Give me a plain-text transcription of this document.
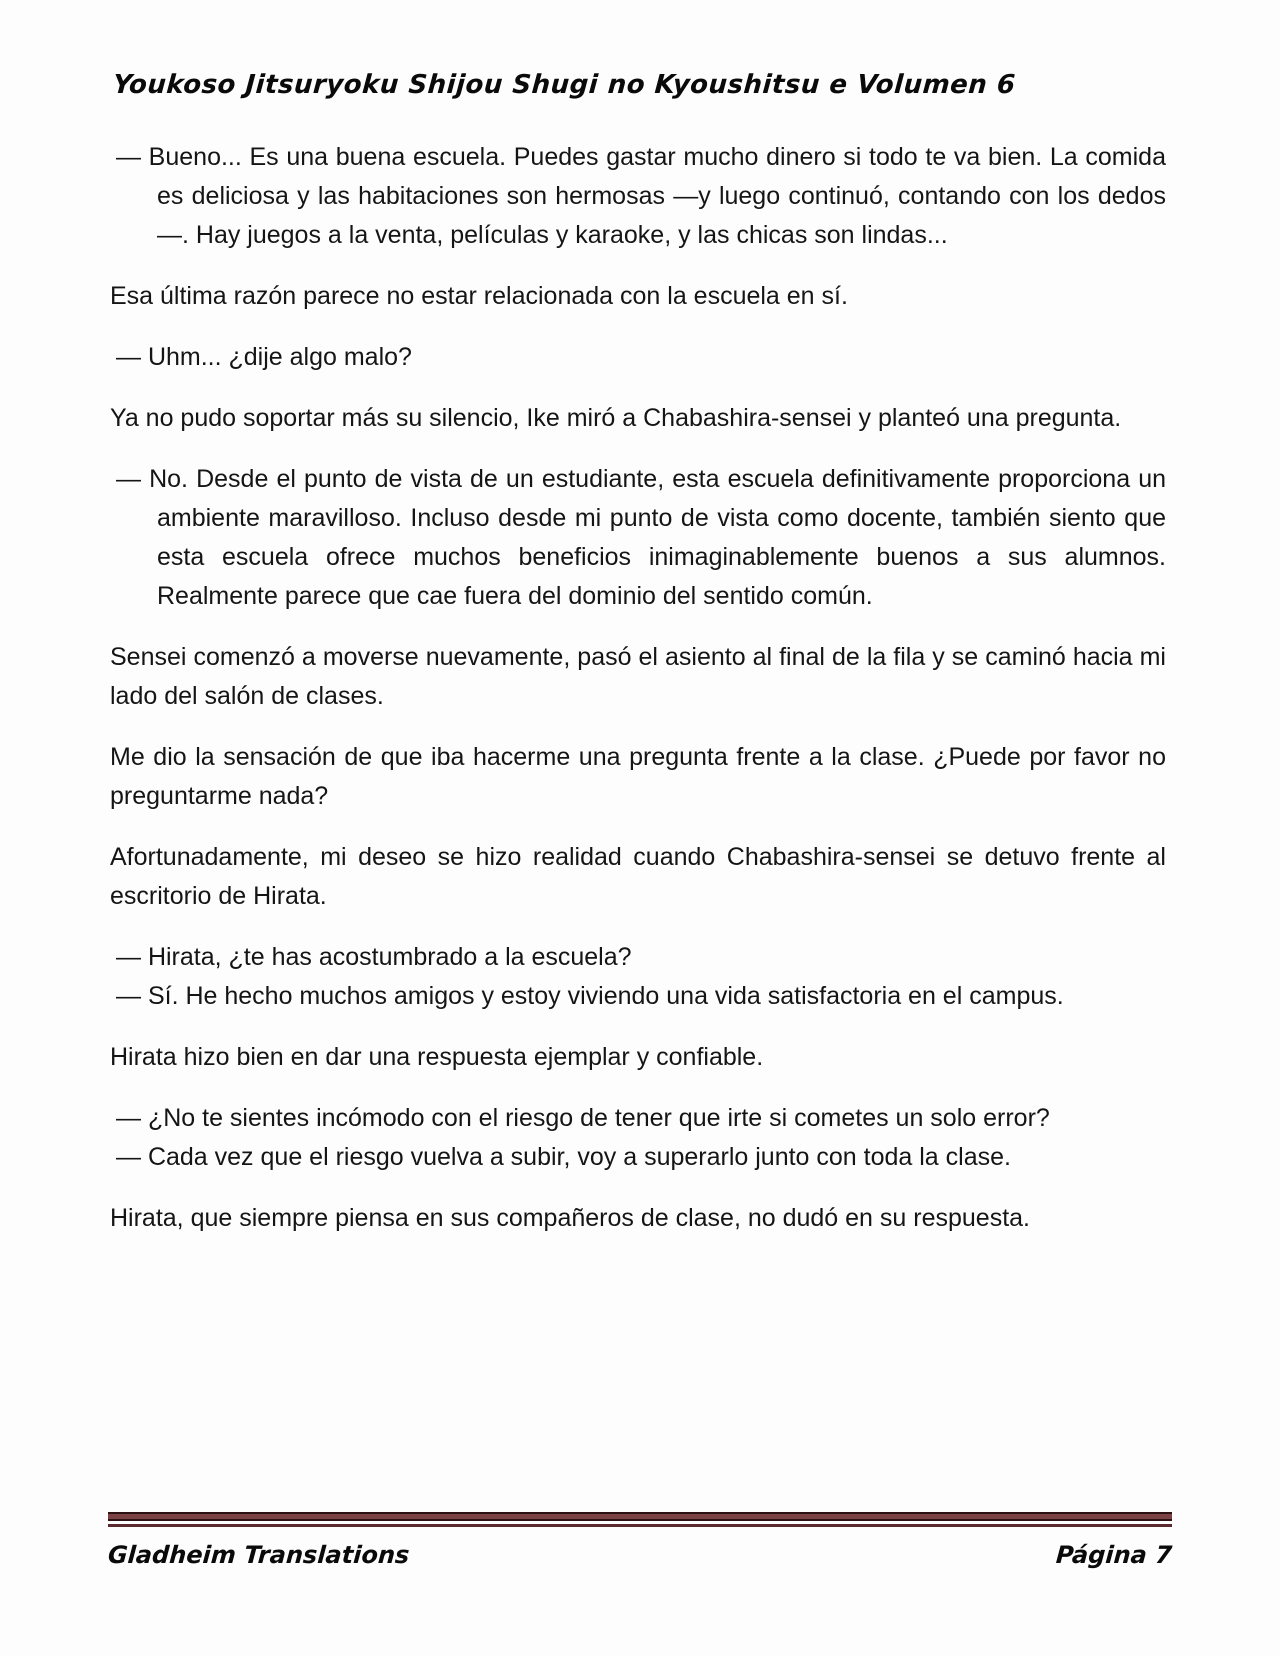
Youkoso Jitsuryoku Shijou Shugi no Kyoushitsu e Volumen 6

— Bueno... Es una buena escuela. Puedes gastar mucho dinero si todo te va bien. La comida es deliciosa y las habitaciones son hermosas —y luego continuó, contando con los dedos—. Hay juegos a la venta, películas y karaoke, y las chicas son lindas...

Esa última razón parece no estar relacionada con la escuela en sí.

— Uhm... ¿dije algo malo?

Ya no pudo soportar más su silencio, Ike miró a Chabashira-sensei y planteó una pregunta.

— No. Desde el punto de vista de un estudiante, esta escuela definitivamente proporciona un ambiente maravilloso. Incluso desde mi punto de vista como docente, también siento que esta escuela ofrece muchos beneficios inimaginablemente buenos a sus alumnos. Realmente parece que cae fuera del dominio del sentido común.

Sensei comenzó a moverse nuevamente, pasó el asiento al final de la fila y se caminó hacia mi lado del salón de clases.

Me dio la sensación de que iba hacerme una pregunta frente a la clase. ¿Puede por favor no preguntarme nada?

Afortunadamente, mi deseo se hizo realidad cuando Chabashira-sensei se detuvo frente al escritorio de Hirata.

— Hirata, ¿te has acostumbrado a la escuela?

— Sí. He hecho muchos amigos y estoy viviendo una vida satisfactoria en el campus.

Hirata hizo bien en dar una respuesta ejemplar y confiable.

— ¿No te sientes incómodo con el riesgo de tener que irte si cometes un solo error?

— Cada vez que el riesgo vuelva a subir, voy a superarlo junto con toda la clase.

Hirata, que siempre piensa en sus compañeros de clase, no dudó en su respuesta.

Gladheim Translations	Página 7
